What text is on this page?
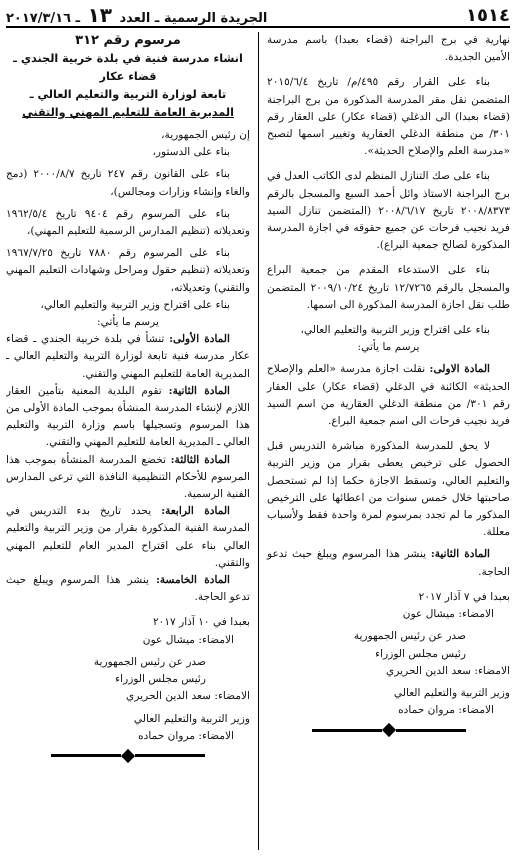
١٥١٤
الجريدة الرسمية ـ العدد ١٣ ـ ٢٠١٧/٣/١٦

نهارية في برج البراجنة (قضاء بعبدا) باسم مدرسة الأمين الجديدة.

بناء على القرار رقم ٤٩٥/م/ تاريخ ٢٠١٥/٦/٤ المتضمن نقل مقر المدرسة المذكورة من برج البراجنة (قضاء بعبدا) الى الدغلي (قضاء عكار) على العقار رقم ٣٠١/ من منطقة الدغلي العقارية وتغيير اسمها لتصبح «مدرسة العلم والإصلاح الحديثة».

بناء على صك التنازل المنظم لدى الكاتب العدل في برج البراجنة الاستاذ وائل أحمد السبع والمسجل بالرقم ٢٠٠٨/٨٣٧٣ تاريخ ٢٠٠٨/٦/١٧ (المتضمن تنازل السيد فريد نجيب فرحات عن جميع حقوقه في اجازة المدرسة المذكورة لصالح جمعية البراع).

بناء على الاستدعاء المقدم من جمعية البراع والمسجل بالرقم ١٢/٧٢٦٥ تاريخ ٢٠٠٩/١٠/٢٤ المتضمن طلب نقل اجازة المدرسة المذكورة الى اسمها.

بناء على اقتراح وزير التربية والتعليم العالي،

يرسم ما يأتي:

المادة الاولى: نقلت اجازة مدرسة «العلم والإصلاح الحديثة» الكائنة في الدغلي (قضاء عكار) على العقار رقم ٣٠١/ من منطقة الدغلي العقارية من اسم السيد فريد نجيب فرحات الى اسم جمعية البراع.

لا يحق للمدرسة المذكورة مباشرة التدريس قبل الحصول على ترخيص يعطى بقرار من وزير التربية والتعليم العالي، وتسقط الاجازة حكما إذا لم تستحصل صاحبتها خلال خمس سنوات من اعطائها على الترخيص المذكور ما لم تجدد بمرسوم لمرة واحدة فقط ولأسباب معللة.

المادة الثانية: ينشر هذا المرسوم ويبلغ حيث تدعو الحاجة.

بعبدا في ٧ آذار ٢٠١٧

الامضاء: ميشال عون

صدر عن رئيس الجمهورية

رئيس مجلس الوزراء

الامضاء: سعد الدين الحريري

وزير التربية والتعليم العالي

الامضاء: مروان حماده

مرسوم رقم ٣١٢

انشاء مدرسة فنية في بلدة خربية الجندي ـ قضاء عكار

تابعة لوزارة التربية والتعليم العالي ـ

المديرية العامة للتعليم المهني والتقني

إن رئيس الجمهورية،

بناء على الدستور،

بناء على القانون رقم ٢٤٧ تاريخ ٢٠٠٠/٨/٧ (دمج والغاء وإنشاء وزارات ومجالس)،

بناء على المرسوم رقم ٩٤٠٤ تاريخ ١٩٦٢/٥/٤ وتعديلاته (تنظيم المدارس الرسمية للتعليم المهني)،

بناء على المرسوم رقم ٧٨٨٠ تاريخ ١٩٦٧/٧/٢٥ وتعديلاته (تنظيم حقول ومراحل وشهادات التعليم المهني والتقني) وتعديلاته،

بناء على اقتراح وزير التربية والتعليم العالي،

يرسم ما يأتي:

المادة الأولى: تنشأ في بلدة خربية الجندي ـ قضاء عكار مدرسة فنية تابعة لوزارة التربية والتعليم العالي ـ المديرية العامة للتعليم المهني والتقني.

المادة الثانية: تقوم البلدية المعنية بتأمين العقار اللازم لإنشاء المدرسة المنشأة بموجب المادة الأولى من هذا المرسوم وتسجيلها باسم وزارة التربية والتعليم العالي ـ المديرية العامة للتعليم المهني والتقني.

المادة الثالثة: تخضع المدرسة المنشأة بموجب هذا المرسوم للأحكام التنظيمية النافذة التي ترعى المدارس الفنية الرسمية.

المادة الرابعة: يحدد تاريخ بدء التدريس في المدرسة الفنية المذكورة بقرار من وزير التربية والتعليم العالي بناء على اقتراح المدير العام للتعليم المهني والتقني.

المادة الخامسة: ينشر هذا المرسوم ويبلغ حيث تدعو الحاجة.

بعبدا في ١٠ آذار ٢٠١٧

الامضاء: ميشال عون

صدر عن رئيس الجمهورية

رئيس مجلس الوزراء

الامضاء: سعد الدين الحريري

وزير التربية والتعليم العالي

الامضاء: مروان حماده
